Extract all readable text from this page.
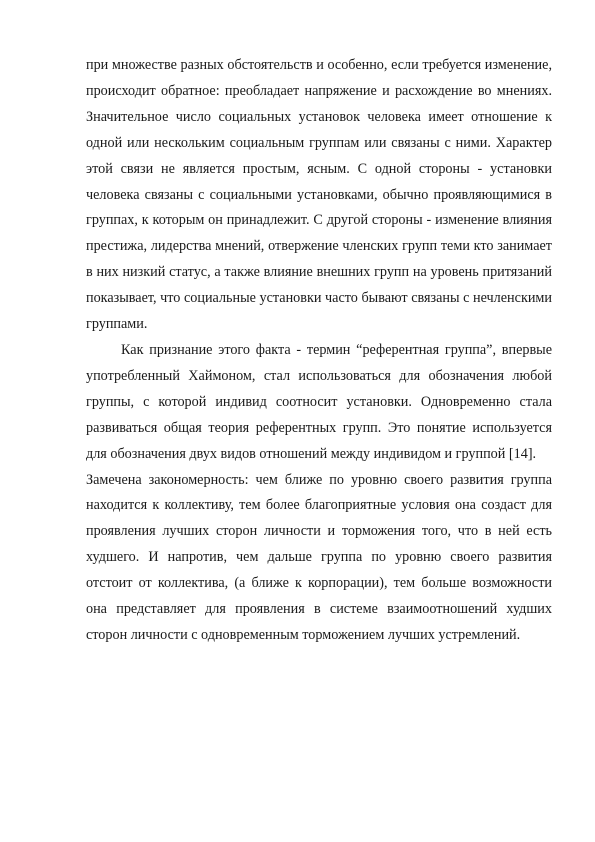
при множестве разных обстоятельств и особенно, если требуется изменение, происходит обратное: преобладает напряжение и расхождение во мнениях. Значительное число социальных установок человека имеет отношение к одной или нескольким социальным группам или связаны с ними. Характер этой связи не является простым, ясным. С одной стороны - установки человека связаны с социальными установками, обычно проявляющимися в группах, к которым он принадлежит. С другой стороны - изменение влияния престижа, лидерства мнений, отвержение членских групп теми кто занимает в них низкий статус, а также влияние внешних групп на уровень притязаний показывает, что социальные установки часто бывают связаны с нечленскими группами.

Как признание этого факта - термин “референтная группа”, впервые употребленный Хаймоном, стал использоваться для обозначения любой группы, с которой индивид соотносит установки. Одновременно стала развиваться общая теория референтных групп. Это понятие используется для обозначения двух видов отношений между индивидом и группой [14].

Замечена закономерность: чем ближе по уровню своего развития группа находится к коллективу, тем более благоприятные условия она создаст для проявления лучших сторон личности и торможения того, что в ней есть худшего. И напротив, чем дальше группа по уровню своего развития отстоит от коллектива, (а ближе к корпорации), тем больше возможности она представляет для проявления в системе взаимоотношений худших сторон личности с одновременным торможением лучших устремлений.
